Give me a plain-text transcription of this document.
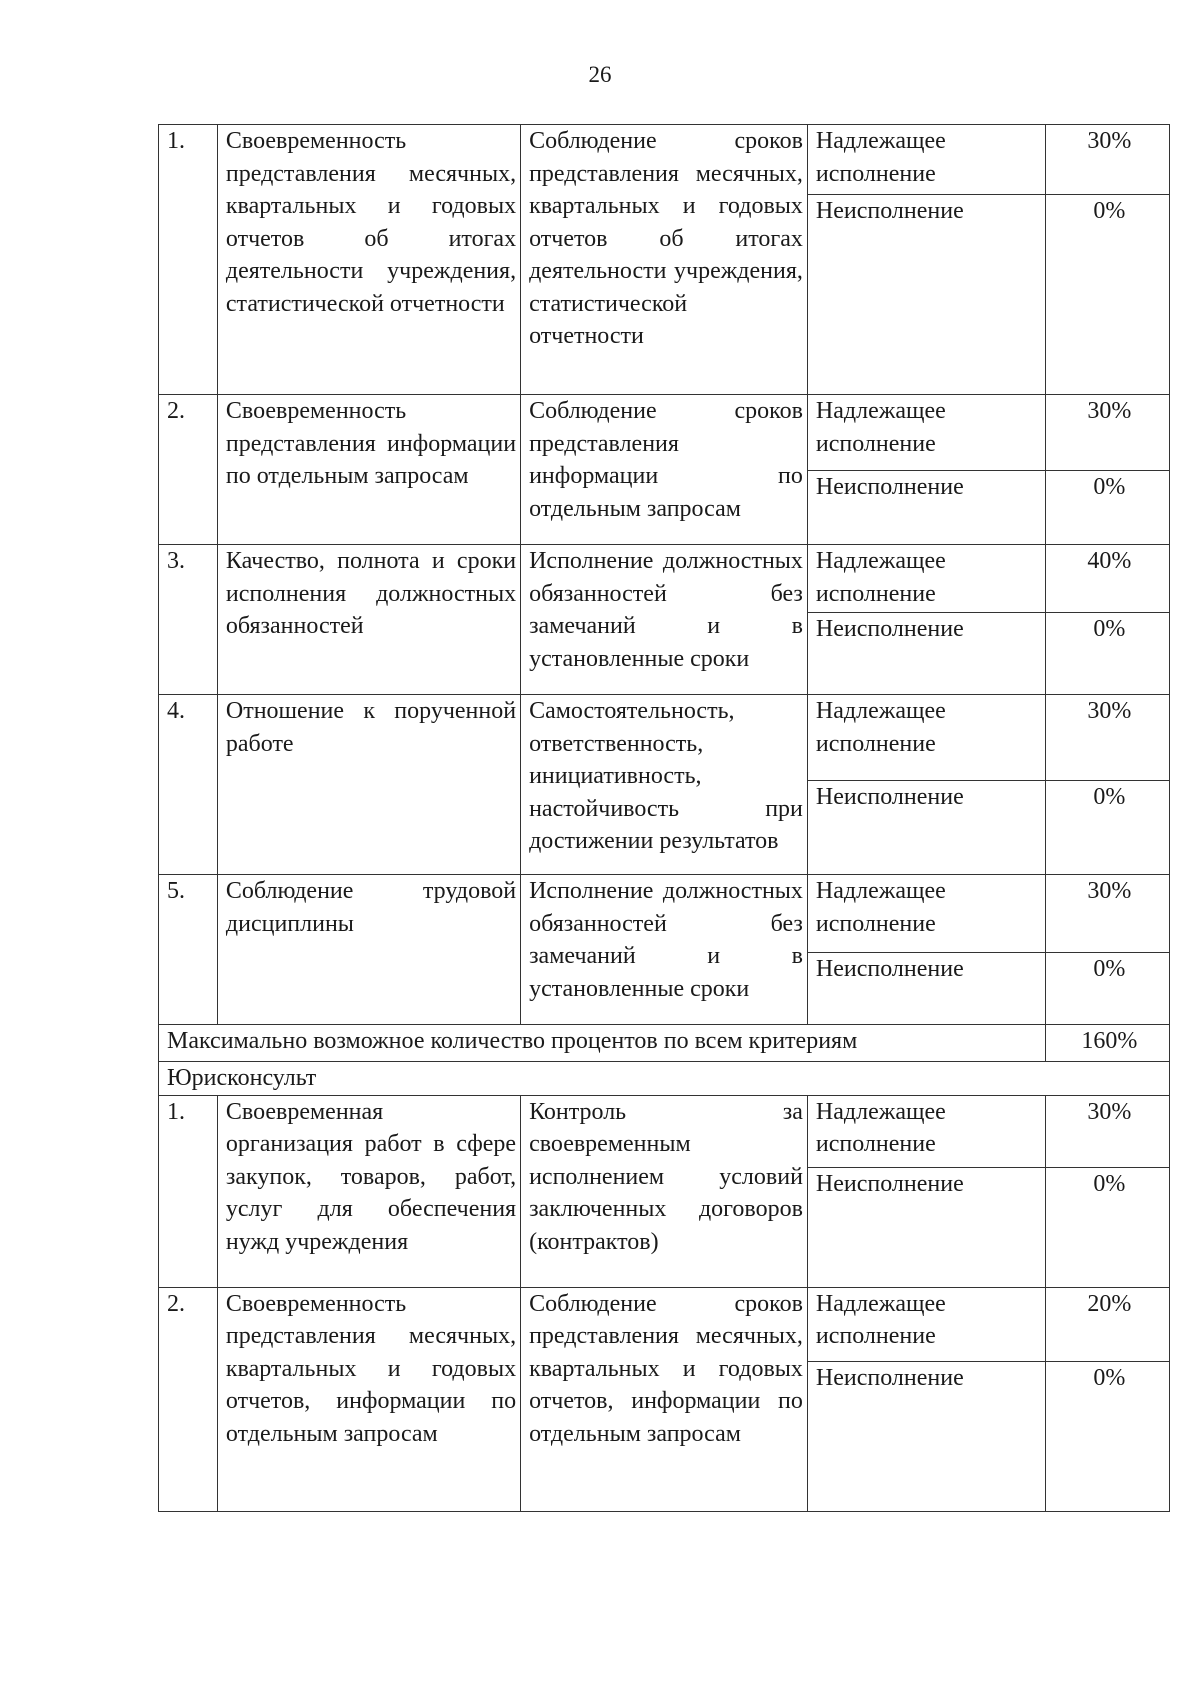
26
1.	Своевременность представления месячных, квартальных и годовых отчетов об итогах деятельности учреждения, статистической отчетности	Соблюдение сроков представления месячных, квартальных и годовых отчетов об итогах деятельности учреждения, статистической отчетности	Надлежащее исполнение	30%
			Неисполнение	0%
2.	Своевременность представления информации по отдельным запросам	Соблюдение сроков представления информации по отдельным запросам	Надлежащее исполнение	30%
			Неисполнение	0%
3.	Качество, полнота и сроки исполнения должностных обязанностей	Исполнение должностных обязанностей без замечаний и в установленные сроки	Надлежащее исполнение	40%
			Неисполнение	0%
4.	Отношение к порученной работе	Самостоятельность, ответственность, инициативность, настойчивость при достижении результатов	Надлежащее исполнение	30%
			Неисполнение	0%
5.	Соблюдение трудовой дисциплины	Исполнение должностных обязанностей без замечаний и в установленные сроки	Надлежащее исполнение	30%
			Неисполнение	0%
Максимально возможное количество процентов по всем критериям				160%
Юрисконсульт				
1.	Своевременная организация работ в сфере закупок, товаров, работ, услуг для обеспечения нужд учреждения	Контроль за своевременным исполнением условий заключенных договоров (контрактов)	Надлежащее исполнение	30%
			Неисполнение	0%
2.	Своевременность представления месячных, квартальных и годовых отчетов, информации по отдельным запросам	Соблюдение сроков представления месячных, квартальных и годовых отчетов, информации по отдельным запросам	Надлежащее исполнение	20%
			Неисполнение	0%
